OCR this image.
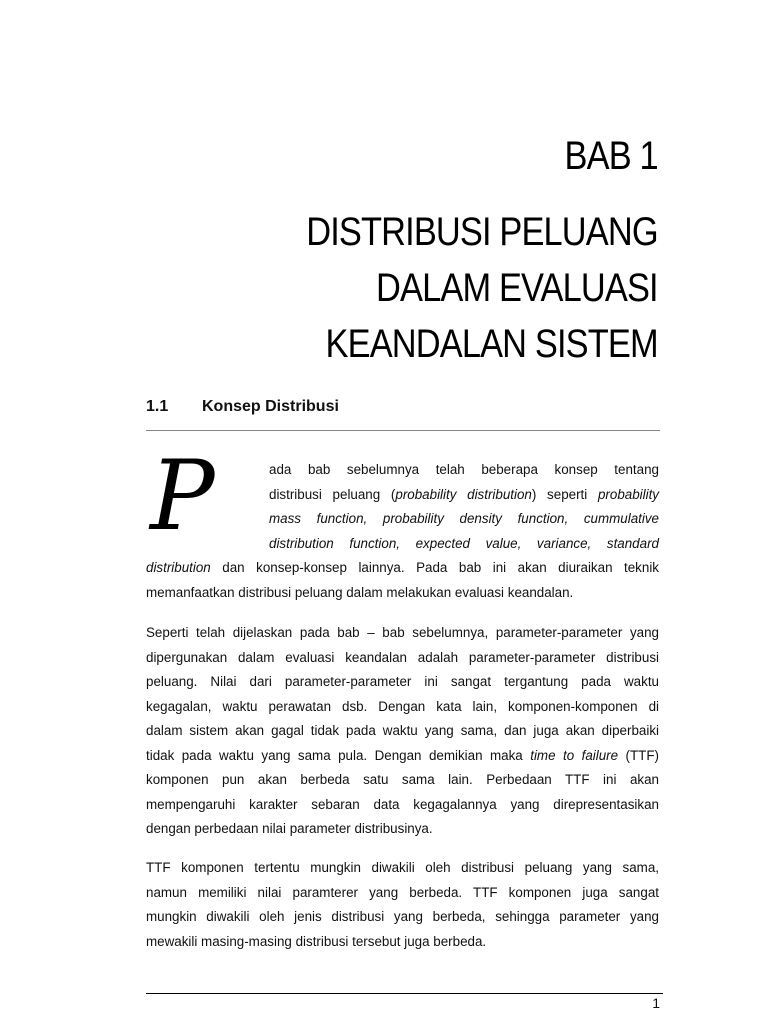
BAB 1
DISTRIBUSI PELUANG
DALAM EVALUASI
KEANDALAN SISTEM
1.1 Konsep Distribusi
P	ada bab sebelumnya telah beberapa konsep tentang
distribusi peluang (probability distribution) seperti probability
mass function, probability density function, cummulative
distribution function, expected value, variance, standard
distribution dan konsep-konsep lainnya. Pada bab ini akan diuraikan teknik
memanfaatkan distribusi peluang dalam melakukan evaluasi keandalan.
Seperti telah dijelaskan pada bab – bab sebelumnya, parameter-parameter yang
dipergunakan dalam evaluasi keandalan adalah parameter-parameter distribusi
peluang. Nilai dari parameter-parameter ini sangat tergantung pada waktu
kegagalan, waktu perawatan dsb. Dengan kata lain, komponen-komponen di
dalam sistem akan gagal tidak pada waktu yang sama, dan juga akan diperbaiki
tidak pada waktu yang sama pula. Dengan demikian maka time to failure (TTF)
komponen pun akan berbeda satu sama lain. Perbedaan TTF ini akan
mempengaruhi karakter sebaran data kegagalannya yang direpresentasikan
dengan perbedaan nilai parameter distribusinya.
TTF komponen tertentu mungkin diwakili oleh distribusi peluang yang sama,
namun memiliki nilai paramterer yang berbeda. TTF komponen juga sangat
mungkin diwakili oleh jenis distribusi yang berbeda, sehingga parameter yang
mewakili masing-masing distribusi tersebut juga berbeda.
1
